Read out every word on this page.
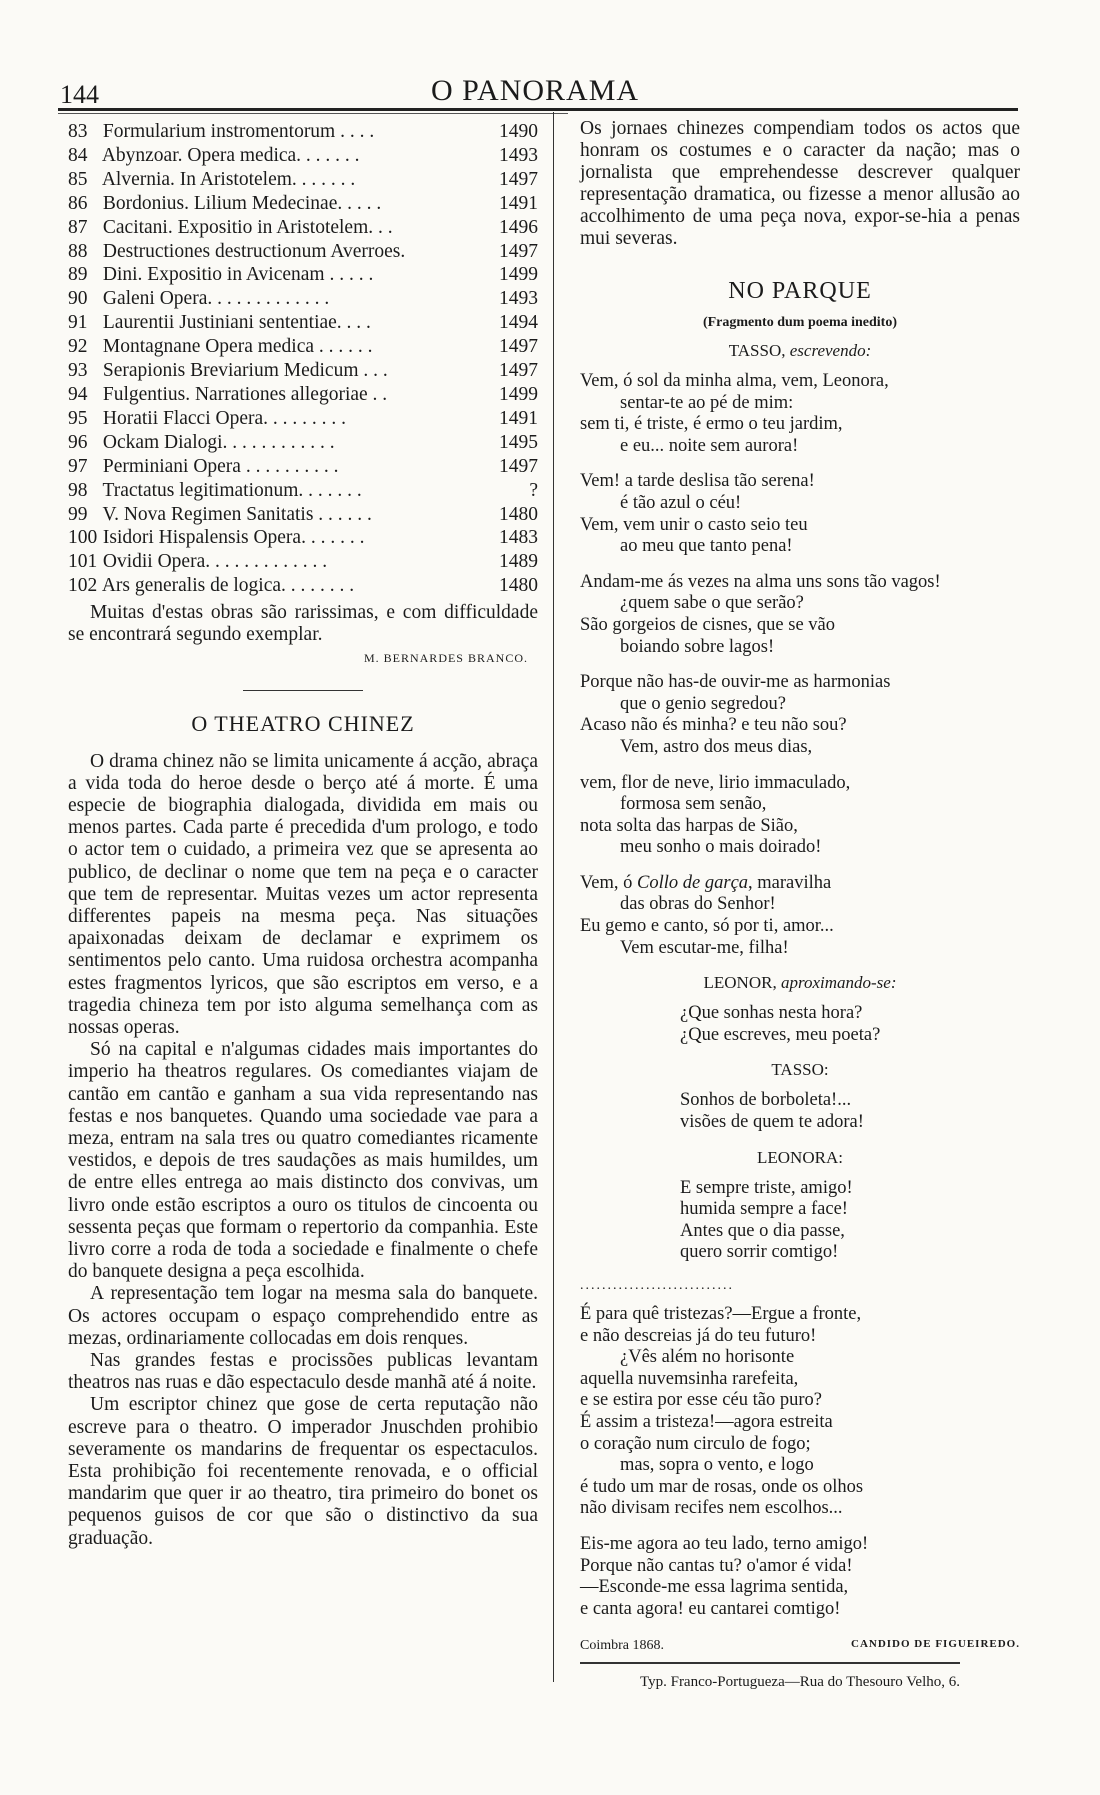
144	O PANORAMA
83 Formularium instromentorum . . . .	1490
84 Abynzoar. Opera medica. . . . . . .	1493
85 Alvernia. In Aristotelem. . . . . . .	1497
86 Bordonius. Lilium Medecinae. . . . .	1491
87 Cacitani. Expositio in Aristotelem. . .	1496
88 Destructiones destructionum Averroes.	1497
89 Dini. Expositio in Avicenam . . . . .	1499
90 Galeni Opera. . . . . . . . . . . . .	1493
91 Laurentii Justiniani sententiae. . . .	1494
92 Montagnane Opera medica . . . . . .	1497
93 Serapionis Breviarium Medicum . . .	1497
94 Fulgentius. Narrationes allegoriae . .	1499
95 Horatii Flacci Opera. . . . . . . . .	1491
96 Ockam Dialogi. . . . . . . . . . . .	1495
97 Perminiani Opera . . . . . . . . . .	1497
98 Tractatus legitimationum. . . . . . .	?
99 V. Nova Regimen Sanitatis . . . . . .	1480
100 Isidori Hispalensis Opera. . . . . . .	1483
101 Ovidii Opera. . . . . . . . . . . . .	1489
102 Ars generalis de logica. . . . . . . .	1480

Muitas d'estas obras são rarissimas, e com difficuldade se encontrará segundo exemplar.

M. BERNARDES BRANCO.
O THEATRO CHINEZ

O drama chinez não se limita unicamente á acção, abraça a vida toda do heroe desde o berço até á morte. É uma especie de biographia dialogada, dividida em mais ou menos partes. Cada parte é precedida d'um prologo, e todo o actor tem o cuidado, a primeira vez que se apresenta ao publico, de declinar o nome que tem na peça e o caracter que tem de representar. Muitas vezes um actor representa differentes papeis na mesma peça. Nas situações apaixonadas deixam de declamar e exprimem os sentimentos pelo canto. Uma ruidosa orchestra acompanha estes fragmentos lyricos, que são escriptos em verso, e a tragedia chineza tem por isto alguma semelhança com as nossas operas.

Só na capital e n'algumas cidades mais importantes do imperio ha theatros regulares. Os comediantes viajam de cantão em cantão e ganham a sua vida representando nas festas e nos banquetes. Quando uma sociedade vae para a meza, entram na sala tres ou quatro comediantes ricamente vestidos, e depois de tres saudações as mais humildes, um de entre elles entrega ao mais distincto dos convivas, um livro onde estão escriptos a ouro os titulos de cincoenta ou sessenta peças que formam o repertorio da companhia. Este livro corre a roda de toda a sociedade e finalmente o chefe do banquete designa a peça escolhida.

A representação tem logar na mesma sala do banquete. Os actores occupam o espaço comprehendido entre as mezas, ordinariamente collocadas em dois renques.

Nas grandes festas e procissões publicas levantam theatros nas ruas e dão espectaculo desde manhã até á noite.

Um escriptor chinez que gose de certa reputação não escreve para o theatro. O imperador Jnuschden prohibio severamente os mandarins de frequentar os espectaculos. Esta prohibição foi recentemente renovada, e o official mandarim que quer ir ao theatro, tira primeiro do bonet os pequenos guisos de cor que são o distinctivo da sua graduação.

Os jornaes chinezes compendiam todos os actos que honram os costumes e o caracter da nação; mas o jornalista que emprehendesse descrever qualquer representação dramatica, ou fizesse a menor allusão ao accolhimento de uma peça nova, expor-se-hia a penas mui severas.

NO PARQUE
(Fragmento dum poema inedito)
TASSO, escrevendo:
Vem, ó sol da minha alma, vem, Leonora,
sentar-te ao pé de mim:
sem ti, é triste, é ermo o teu jardim,
e eu... noite sem aurora!
Vem! a tarde deslisa tão serena!
é tão azul o céu!
Vem, vem unir o casto seio teu
ao meu que tanto pena!
Andam-me ás vezes na alma uns sons tão vagos!
¿quem sabe o que serão?
São gorgeios de cisnes, que se vão
boiando sobre lagos!
Porque não has-de ouvir-me as harmonias
que o genio segredou?
Acaso não és minha? e teu não sou?
Vem, astro dos meus dias,
vem, flor de neve, lirio immaculado,
formosa sem senão,
nota solta das harpas de Sião,
meu sonho o mais doirado!
Vem, ó Collo de garça, maravilha
das obras do Senhor!
Eu gemo e canto, só por ti, amor...
Vem escutar-me, filha!
LEONOR, aproximando-se:
¿Que sonhas nesta hora?
¿Que escreves, meu poeta?
TASSO:
Sonhos de borboleta!...
visões de quem te adora!
LEONORA:
E sempre triste, amigo!
humida sempre a face!
Antes que o dia passe,
quero sorrir comtigo!
............................
É para quê tristezas?—Ergue a fronte,
e não descreias já do teu futuro!
¿Vês além no horisonte
aquella nuvemsinha rarefeita,
e se estira por esse céu tão puro?
É assim a tristeza!—agora estreita
o coração num circulo de fogo;
mas, sopra o vento, e logo
é tudo um mar de rosas, onde os olhos
não divisam recifes nem escolhos...
Eis-me agora ao teu lado, terno amigo!
Porque não cantas tu? o'amor é vida!
—Esconde-me essa lagrima sentida,
e canta agora! eu cantarei comtigo!
Coimbra 1868.	CANDIDO DE FIGUEIREDO.
Typ. Franco-Portugueza—Rua do Thesouro Velho, 6.
